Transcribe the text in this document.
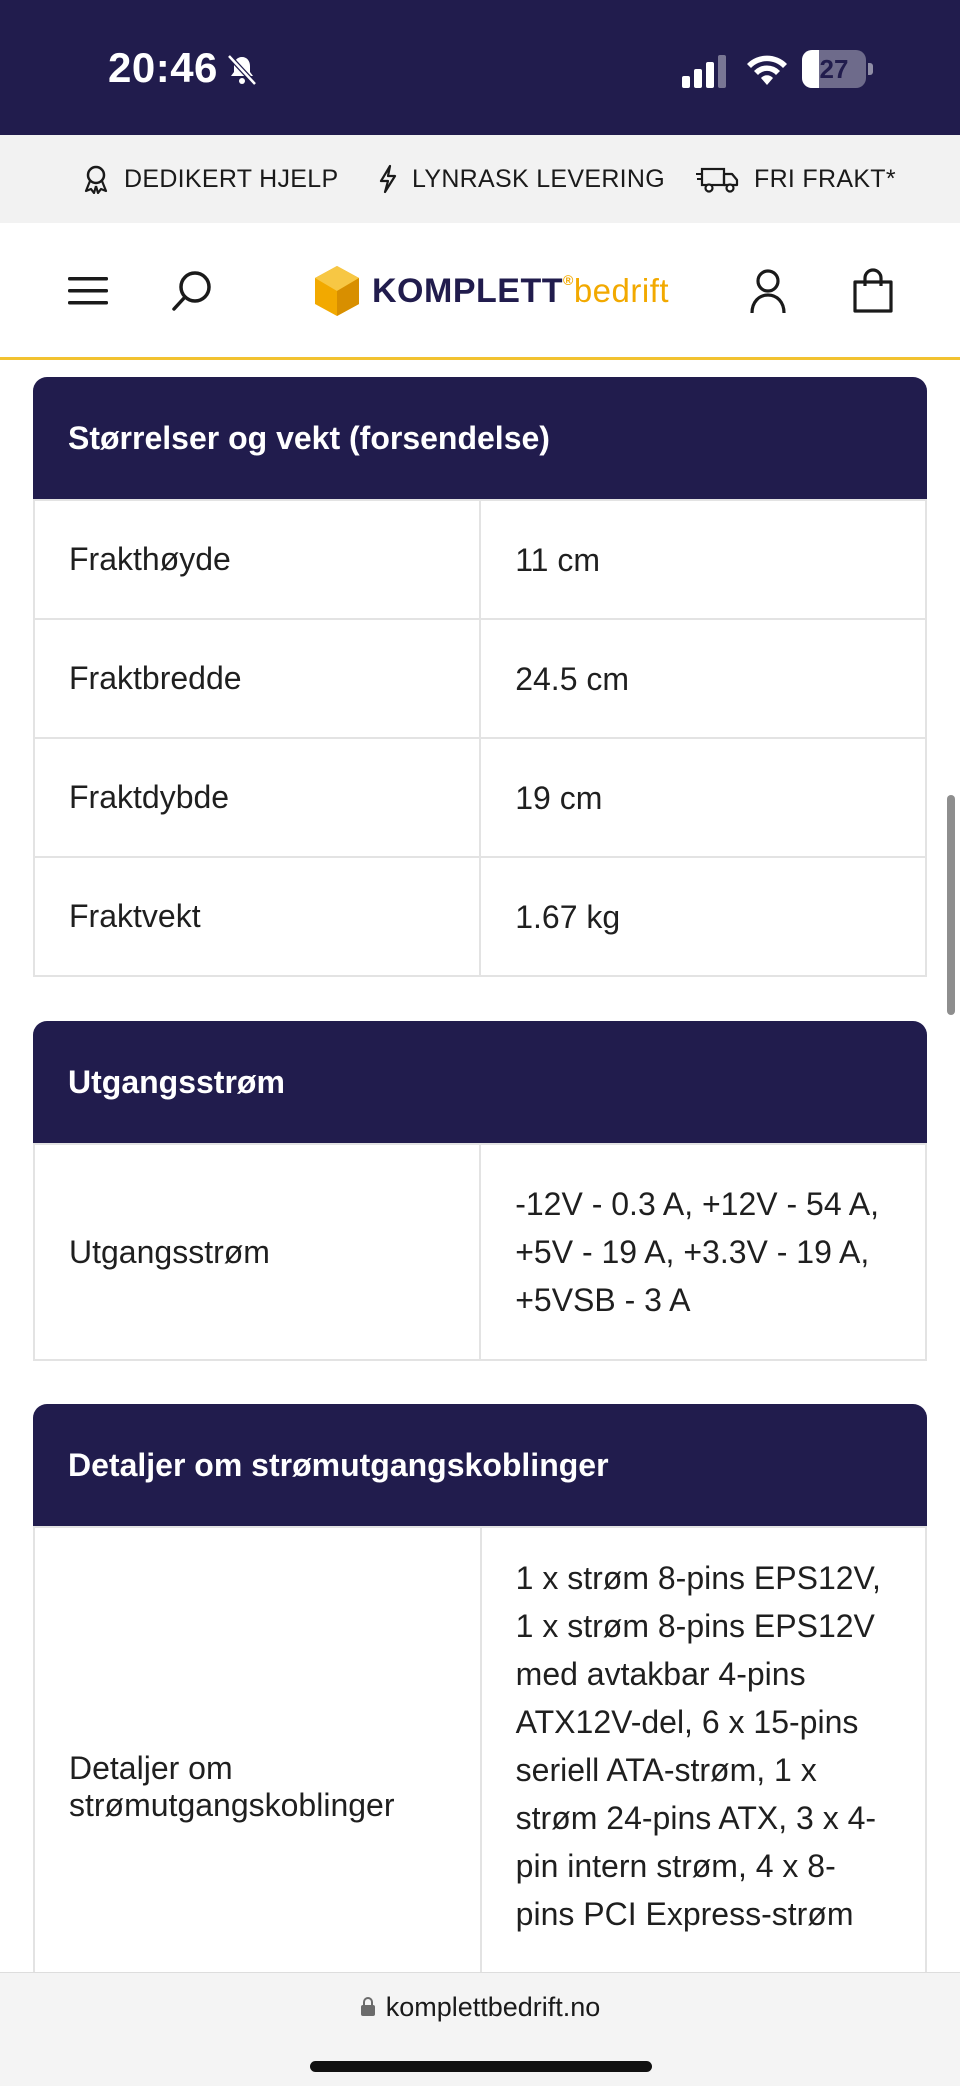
20:46	27
DEDIKERT HJELP	LYNRASK LEVERING	FRI FRAKT*
KOMPLETT®bedrift
Størrelser og vekt (forsendelse)
Frakthøyde	11 cm
Fraktbredde	24.5 cm
Fraktdybde	19 cm
Fraktvekt	1.67 kg
Utgangsstrøm
Utgangsstrøm	-12V - 0.3 A, +12V - 54 A, +5V - 19 A, +3.3V - 19 A, +5VSB - 3 A
Detaljer om strømutgangskoblinger
Detaljer om strømutgangskoblinger	1 x strøm 8-pins EPS12V, 1 x strøm 8-pins EPS12V med avtakbar 4-pins ATX12V-del, 6 x 15-pins seriell ATA-strøm, 1 x strøm 24-pins ATX, 3 x 4-pin intern strøm, 4 x 8-pins PCI Express-strøm
komplettbedrift.no
